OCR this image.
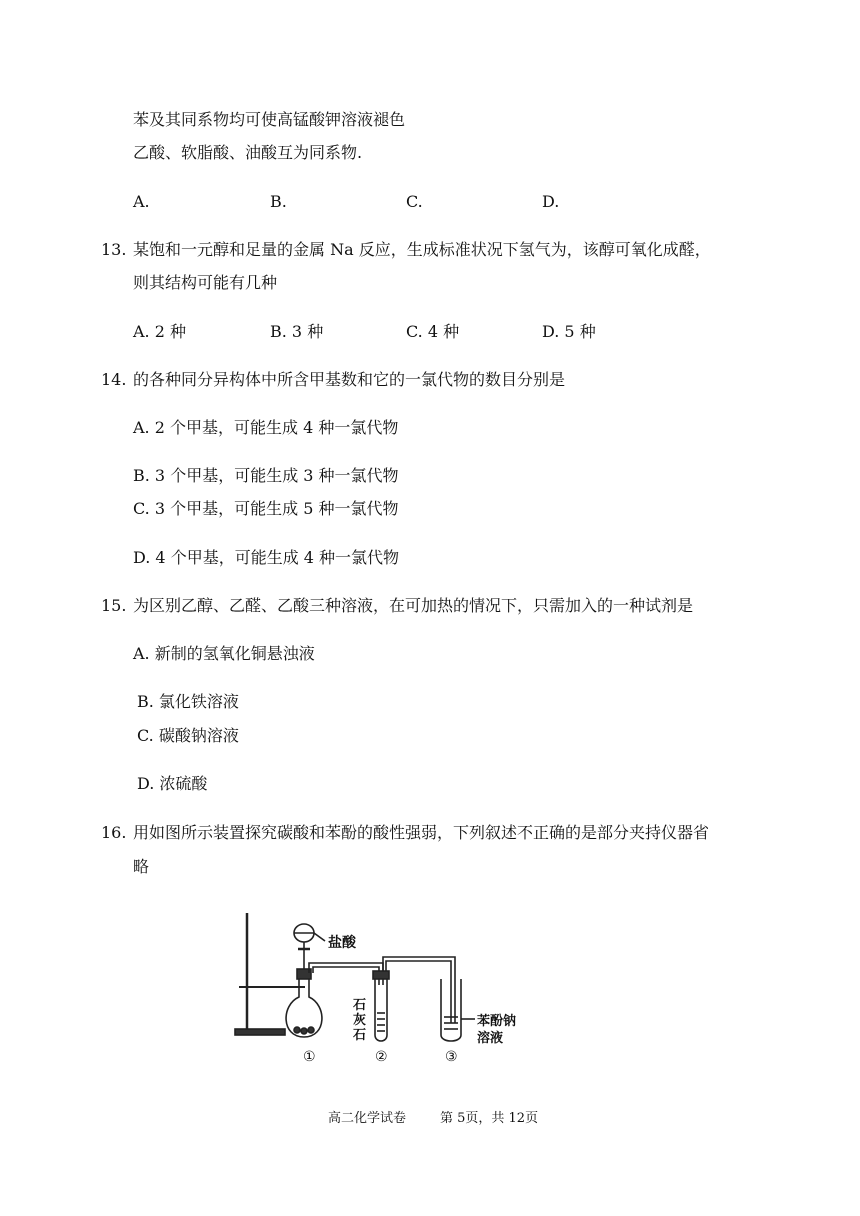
苯及其同系物均可使高锰酸钾溶液褪色
乙酸、软脂酸、油酸互为同系物.
A.	B.	C.	D.
13. 某饱和一元醇和足量的金属 Na 反应，生成标准状况下氢气为，该醇可氧化成醛，
则其结构可能有几种
A. 2 种	B. 3 种	C. 4 种	D. 5 种
14. 的各种同分异构体中所含甲基数和它的一氯代物的数目分别是
A. 2 个甲基，可能生成 4 种一氯代物
B. 3 个甲基，可能生成 3 种一氯代物
C. 3 个甲基，可能生成 5 种一氯代物
D. 4 个甲基，可能生成 4 种一氯代物
15. 为区别乙醇、乙醛、乙酸三种溶液，在可加热的情况下，只需加入的一种试剂是
A. 新制的氢氧化铜悬浊液
B. 氯化铁溶液
C. 碳酸钠溶液
D. 浓硫酸
16. 用如图所示装置探究碳酸和苯酚的酸性强弱，下列叙述不正确的是部分夹持仪器省
略
盐酸
石
灰
石
苯酚钠
溶液
①	②	③
高二化学试卷	第 5页，共 12页
